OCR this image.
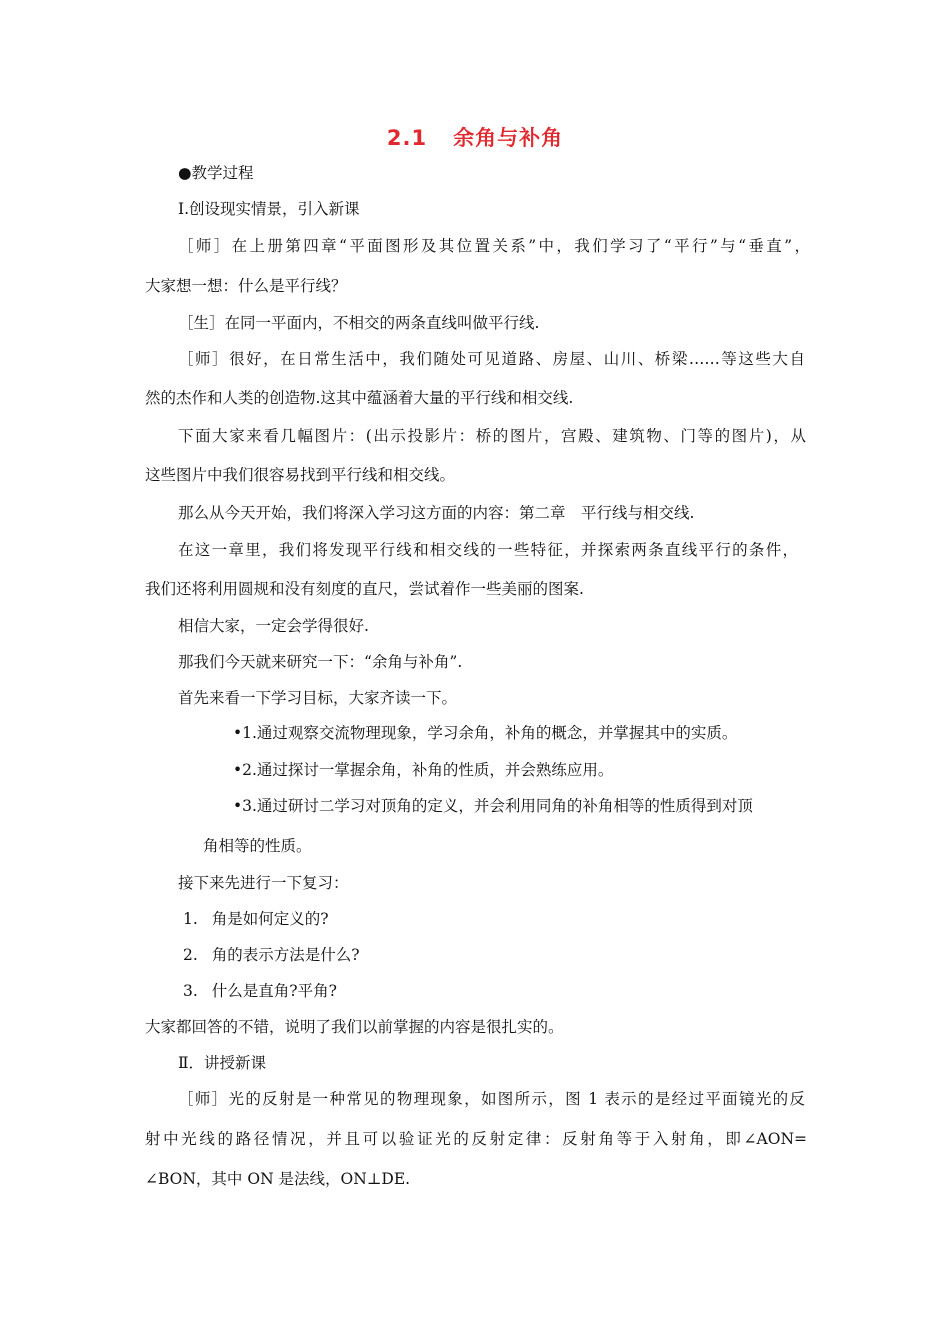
2.1 余角与补角
●教学过程
Ⅰ.创设现实情景，引入新课
［师］在上册第四章“平面图形及其位置关系”中，我们学习了“平行”与“垂直”，
大家想一想：什么是平行线？
［生］在同一平面内，不相交的两条直线叫做平行线.
［师］很好，在日常生活中，我们随处可见道路、房屋、山川、桥梁……等这些大自
然的杰作和人类的创造物.这其中蕴涵着大量的平行线和相交线.
下面大家来看几幅图片：(出示投影片：桥的图片，宫殿、建筑物、门等的图片)，从
这些图片中我们很容易找到平行线和相交线。
那么从今天开始，我们将深入学习这方面的内容：第二章　平行线与相交线.
在这一章里，我们将发现平行线和相交线的一些特征，并探索两条直线平行的条件，
我们还将利用圆规和没有刻度的直尺，尝试着作一些美丽的图案.
相信大家，一定会学得很好.
那我们今天就来研究一下：“余角与补角”.
首先来看一下学习目标，大家齐读一下。
•1.通过观察交流物理现象，学习余角，补角的概念，并掌握其中的实质。
•2.通过探讨一掌握余角，补角的性质，并会熟练应用。
•3.通过研讨二学习对顶角的定义，并会利用同角的补角相等的性质得到对顶
角相等的性质。
接下来先进行一下复习：
1. 角是如何定义的?
2. 角的表示方法是什么?
3. 什么是直角?平角?
大家都回答的不错，说明了我们以前掌握的内容是很扎实的。
Ⅱ．讲授新课
［师］光的反射是一种常见的物理现象，如图所示，图 1 表示的是经过平面镜光的反
射中光线的路径情况，并且可以验证光的反射定律：反射角等于入射角，即∠AON=
∠BON，其中 ON 是法线，ON⊥DE.
